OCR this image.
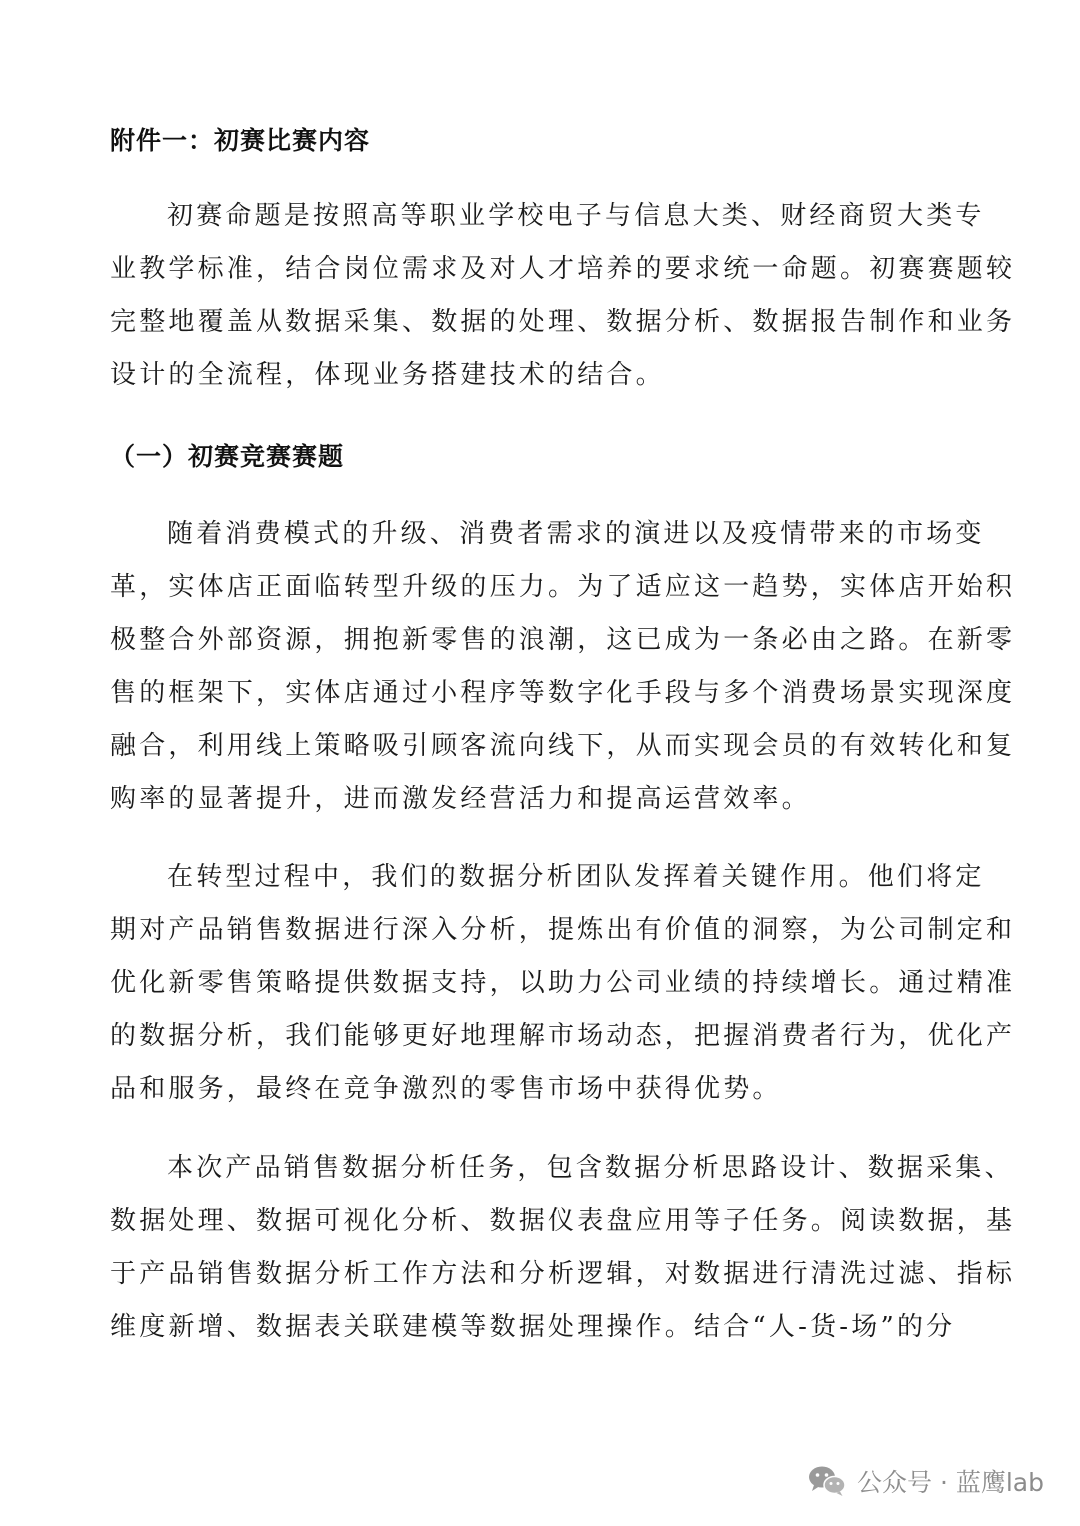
附件一：初赛比赛内容
初赛命题是按照高等职业学校电子与信息大类、财经商贸大类专
业教学标准，结合岗位需求及对人才培养的要求统一命题。初赛赛题较
完整地覆盖从数据采集、数据的处理、数据分析、数据报告制作和业务
设计的全流程，体现业务搭建技术的结合。
（一）初赛竞赛赛题
随着消费模式的升级、消费者需求的演进以及疫情带来的市场变
革，实体店正面临转型升级的压力。为了适应这一趋势，实体店开始积
极整合外部资源，拥抱新零售的浪潮，这已成为一条必由之路。在新零
售的框架下，实体店通过小程序等数字化手段与多个消费场景实现深度
融合，利用线上策略吸引顾客流向线下，从而实现会员的有效转化和复
购率的显著提升，进而激发经营活力和提高运营效率。
在转型过程中，我们的数据分析团队发挥着关键作用。他们将定
期对产品销售数据进行深入分析，提炼出有价值的洞察，为公司制定和
优化新零售策略提供数据支持，以助力公司业绩的持续增长。通过精准
的数据分析，我们能够更好地理解市场动态，把握消费者行为，优化产
品和服务，最终在竞争激烈的零售市场中获得优势。
本次产品销售数据分析任务，包含数据分析思路设计、数据采集、
数据处理、数据可视化分析、数据仪表盘应用等子任务。阅读数据，基
于产品销售数据分析工作方法和分析逻辑，对数据进行清洗过滤、指标
维度新增、数据表关联建模等数据处理操作。结合“人-货-场”的分
公众号 · 蓝鹰lab
